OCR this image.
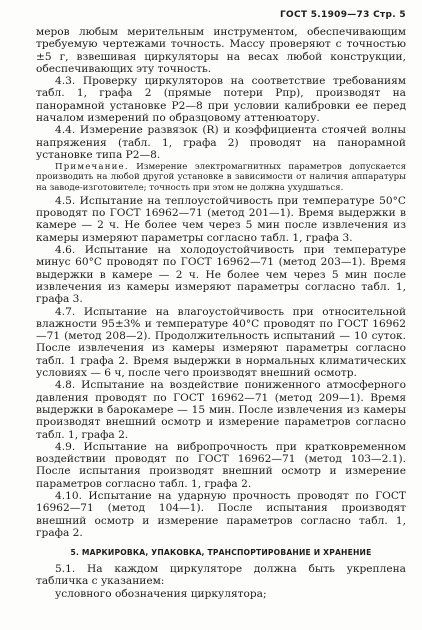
ГОСТ 5.1909—73 Стр. 5

меров любым мерительным инструментом, обеспечивающим требуемую чертежами точность. Массу проверяют с точностью ±5 г, взвешивая циркуляторы на весах любой конструкции, обеспечивающих эту точность.

4.3. Проверку циркуляторов на соответствие требованиям табл. 1, графа 2 (прямые потери Pпр), производят на панорамной установке Р2—8 при условии калибровки ее перед началом измерений по образцовому аттенюатору.

4.4. Измерение развязок (R) и коэффициента стоячей волны напряжения (табл. 1, графа 2) проводят на панорамной установке типа Р2—8.

Примечание. Измерение электромагнитных параметров допускается производить на любой другой установке в зависимости от наличия аппаратуры на заводе-изготовителе; точность при этом не должна ухудшаться.

4.5. Испытание на теплоустойчивость при температуре 50°С проводят по ГОСТ 16962—71 (метод 201—1). Время выдержки в камере — 2 ч. Не более чем через 5 мин после извлечения из камеры измеряют параметры согласно табл. 1, графа 3.

4.6. Испытание на холодоустойчивость при температуре минус 60°С проводят по ГОСТ 16962—71 (метод 203—1). Время выдержки в камере — 2 ч. Не более чем через 5 мин после извлечения из камеры измеряют параметры согласно табл. 1, графа 3.

4.7. Испытание на влагоустойчивость при относительной влажности 95±3% и температуре 40°С проводят по ГОСТ 16962—71 (метод 208—2). Продолжительность испытаний — 10 суток. После извлечения из камеры измеряют параметры согласно табл. 1 графа 2. Время выдержки в нормальных климатических условиях — 6 ч, после чего производят внешний осмотр.

4.8. Испытание на воздействие пониженного атмосферного давления проводят по ГОСТ 16962—71 (метод 209—1). Время выдержки в барокамере — 15 мин. После извлечения из камеры производят внешний осмотр и измерение параметров согласно табл. 1, графа 2.

4.9. Испытание на вибропрочность при кратковременном воздействии проводят по ГОСТ 16962—71 (метод 103—2.1). После испытания производят внешний осмотр и измерение параметров согласно табл. 1, графа 2.

4.10. Испытание на ударную прочность проводят по ГОСТ 16962—71 (метод 104—1). После испытания производят внешний осмотр и измерение параметров согласно табл. 1, графа 2.

5. МАРКИРОВКА, УПАКОВКА, ТРАНСПОРТИРОВАНИЕ И ХРАНЕНИЕ

5.1. На каждом циркуляторе должна быть укреплена табличка с указанием:

условного обозначения циркулятора;
